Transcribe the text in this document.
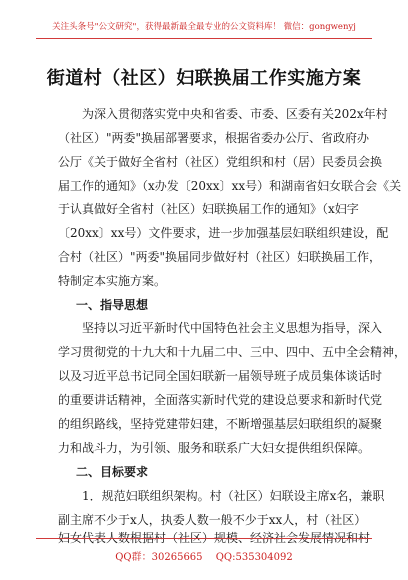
关注头条号"公文研究"，获得最新最全最专业的公文资料库！ 微信：gongwenyj
街道村（社区）妇联换届工作实施方案
为深入贯彻落实党中央和省委、市委、区委有关202x年村
（社区）"两委"换届部署要求，根据省委办公厅、省政府办
公厅《关于做好全省村（社区）党组织和村（居）民委员会换
届工作的通知》（x办发〔20xx〕xx号）和湖南省妇女联合会《关
于认真做好全省村（社区）妇联换届工作的通知》（x妇字
〔20xx〕xx号）文件要求，进一步加强基层妇联组织建设，配
合村（社区）"两委"换届同步做好村（社区）妇联换届工作，
特制定本实施方案。
一、指导思想
坚持以习近平新时代中国特色社会主义思想为指导，深入
学习贯彻党的十九大和十九届二中、三中、四中、五中全会精神，
以及习近平总书记同全国妇联新一届领导班子成员集体谈话时
的重要讲话精神，全面落实新时代党的建设总要求和新时代党
的组织路线，坚持党建带妇建，不断增强基层妇联组织的凝聚
力和战斗力，为引领、服务和联系广大妇女提供组织保障。
二、目标要求
1．规范妇联组织架构。村（社区）妇联设主席x名，兼职
副主席不少于x人，执委人数一般不少于xx人，村（社区）
妇女代表人数根据村（社区）规模、经济社会发展情况和村
QQ群：30265665 QQ:535304092
